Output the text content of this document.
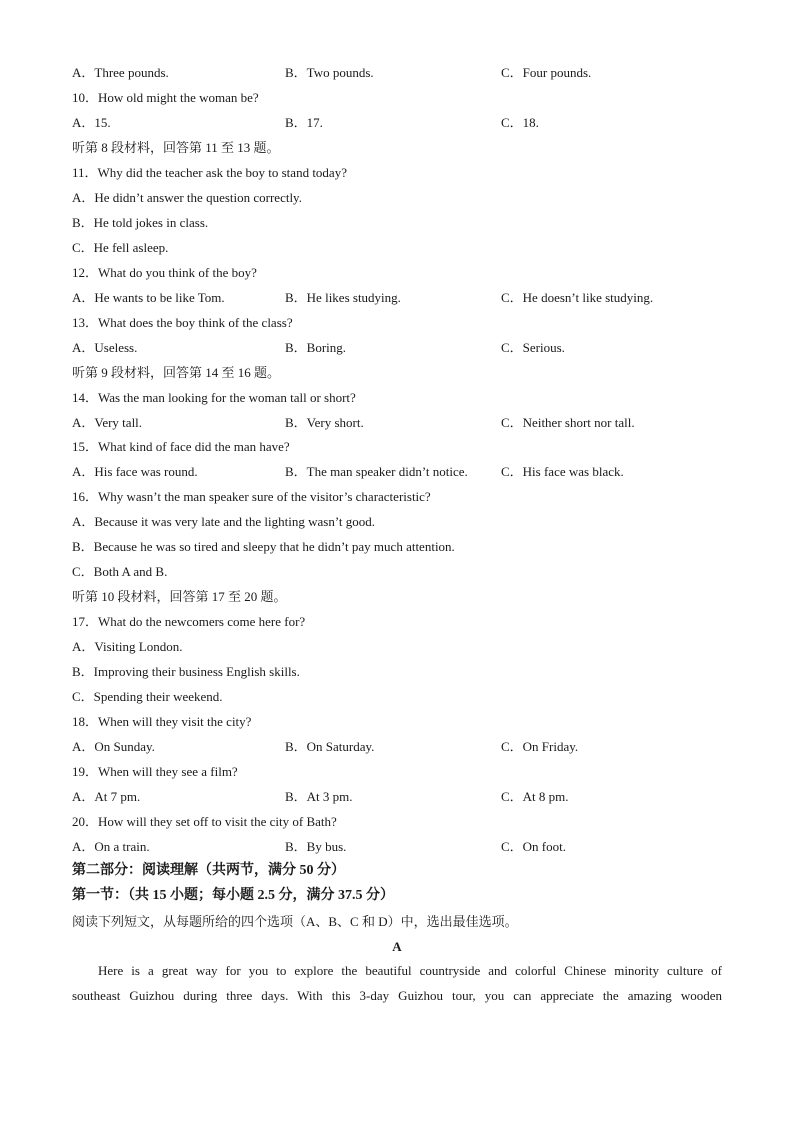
A．Three pounds.	B．Two pounds.	C．Four pounds.
10．How old might the woman be?
A．15.	B．17.	C．18.
听第 8 段材料，回答第 11 至 13 题。
11．Why did the teacher ask the boy to stand today?
A．He didn’t answer the question correctly.
B．He told jokes in class.
C．He fell asleep.
12．What do you think of the boy?
A．He wants to be like Tom.	B．He likes studying.	C．He doesn’t like studying.
13．What does the boy think of the class?
A．Useless.	B．Boring.	C．Serious.
听第 9 段材料，回答第 14 至 16 题。
14．Was the man looking for the woman tall or short?
A．Very tall.	B．Very short.	C．Neither short nor tall.
15．What kind of face did the man have?
A．His face was round.	B．The man speaker didn’t notice.	C．His face was black.
16．Why wasn’t the man speaker sure of the visitor’s characteristic?
A．Because it was very late and the lighting wasn’t good.
B．Because he was so tired and sleepy that he didn’t pay much attention.
C．Both A and B.
听第 10 段材料，回答第 17 至 20 题。
17．What do the newcomers come here for?
A．Visiting London.
B．Improving their business English skills.
C．Spending their weekend.
18．When will they visit the city?
A．On Sunday.	B．On Saturday.	C．On Friday.
19．When will they see a film?
A．At 7 pm.	B．At 3 pm.	C．At 8 pm.
20．How will they set off to visit the city of Bath?
A．On a train.	B．By bus.	C．On foot.
第二部分：阅读理解（共两节，满分 50 分）
第一节：（共 15 小题；每小题 2.5 分，满分 37.5 分）
阅读下列短文，从每题所给的四个选项（A、B、C 和 D）中，选出最佳选项。
A
Here is a great way for you to explore the beautiful countryside and colorful Chinese minority culture of
southeast Guizhou during three days. With this 3-day Guizhou tour, you can appreciate the amazing wooden
